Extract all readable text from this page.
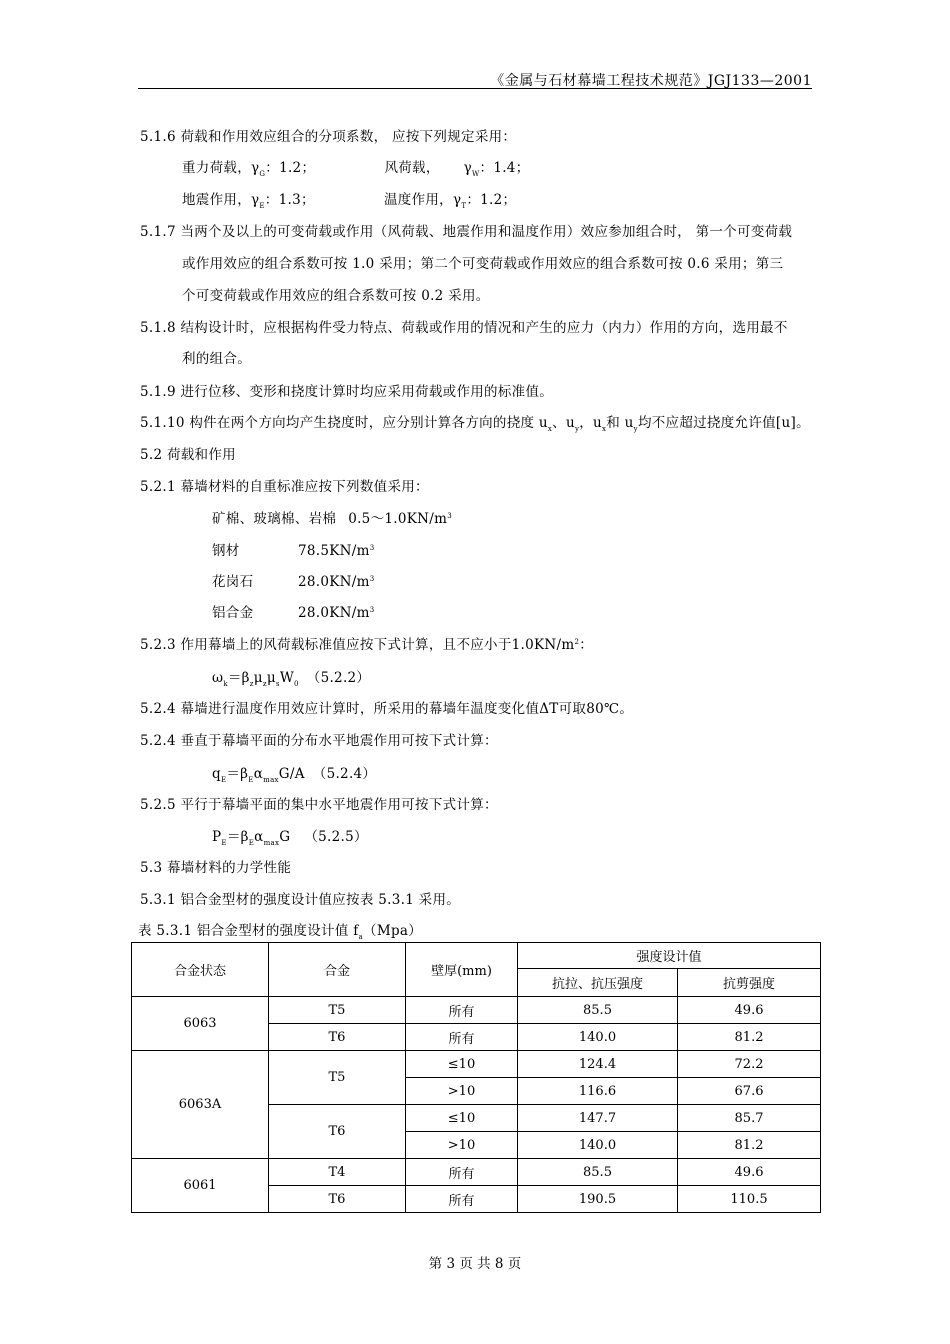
《金属与石材幕墙工程技术规范》JGJ133—2001
5.1.6 荷载和作用效应组合的分项系数， 应按下列规定采用：
重力荷载，$\gamma_G$：1.2；	风荷载， $\gamma_W$：1.4；
地震作用，$\gamma_E$：1.3；	温度作用，$\gamma_T$：1.2；
5.1.7 当两个及以上的可变荷载或作用（风荷载、地震作用和温度作用）效应参加组合时， 第一个可变荷载
或作用效应的组合系数可按 1.0 采用；第二个可变荷载或作用效应的组合系数可按 0.6 采用；第三
个可变荷载或作用效应的组合系数可按 0.2 采用。
5.1.8 结构设计时，应根据构件受力特点、荷载或作用的情况和产生的应力（内力）作用的方向，选用最不
利的组合。
5.1.9 进行位移、变形和挠度计算时均应采用荷载或作用的标准值。
5.1.10 构件在两个方向均产生挠度时，应分别计算各方向的挠度 $u_x$、$u_y$，$u_x$和 $u_y$均不应超过挠度允许值[u]。
5.2 荷载和作用
5.2.1 幕墙材料的自重标准应按下列数值采用：
矿棉、玻璃棉、岩棉 $0.5\sim 1.0KN/m^3$
钢材	$78.5KN/m^3$
花岗石	$28.0KN/m^3$
铝合金	$28.0KN/m^3$
5.2.3 作用幕墙上的风荷载标准值应按下式计算，且不应小于$1.0KN/m^2$：
$\omega_k=\beta_z\mu_z\mu_sW_0$ （5.2.2）
5.2.4 幕墙进行温度作用效应计算时，所采用的幕墙年温度变化值ΔT可取80℃。
5.2.4 垂直于幕墙平面的分布水平地震作用可按下式计算：
$q_E=\beta_E\alpha_{max}G/A$ （5.2.4）
5.2.5 平行于幕墙平面的集中水平地震作用可按下式计算：
$P_E=\beta_E\alpha_{max}G$ （5.2.5）
5.3 幕墙材料的力学性能
5.3.1 铝合金型材的强度设计值应按表 5.3.1 采用。
表 5.3.1 铝合金型材的强度设计值 $f_a(Mpa)$
合金状态	合金	壁厚(mm)	强度设计值	
			抗拉、抗压强度	抗剪强度
6063	T5	所有	85.5	49.6
	T6	所有	140.0	81.2
6063A	T5	≤10	124.4	72.2
		>10	116.6	67.6
	T6	≤10	147.7	85.7
		>10	140.0	81.2
6061	T4	所有	85.5	49.6
	T6	所有	190.5	110.5
第 3 页 共 8 页
